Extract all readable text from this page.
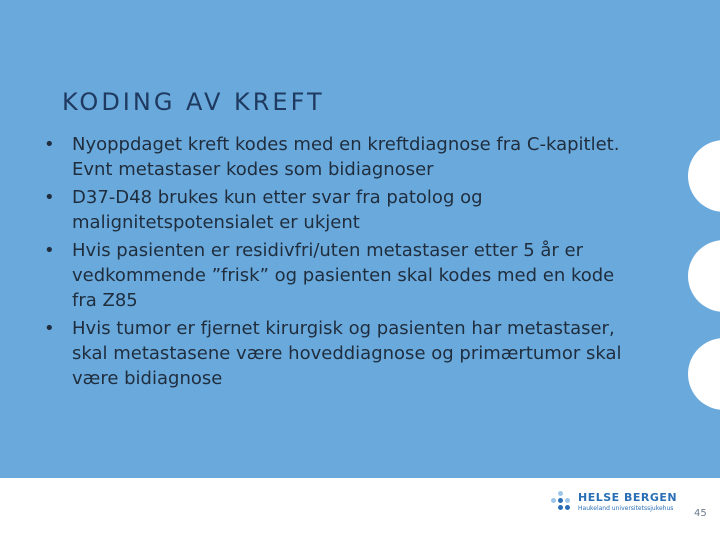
KODING AV KREFT
• Nyoppdaget kreft kodes med en kreftdiagnose fra C-kapitlet. Evnt metastaser kodes som bidiagnoser
• D37-D48 brukes kun etter svar fra patolog og malignitetspotensialet er ukjent
• Hvis pasienten er residivfri/uten metastaser etter 5 år er vedkommende ”frisk” og pasienten skal kodes med en kode fra Z85
• Hvis tumor er fjernet kirurgisk og pasienten har metastaser, skal metastasene være hoveddiagnose og primærtumor skal være bidiagnose
HELSE BERGEN
Haukeland universitetssjukehus 45
